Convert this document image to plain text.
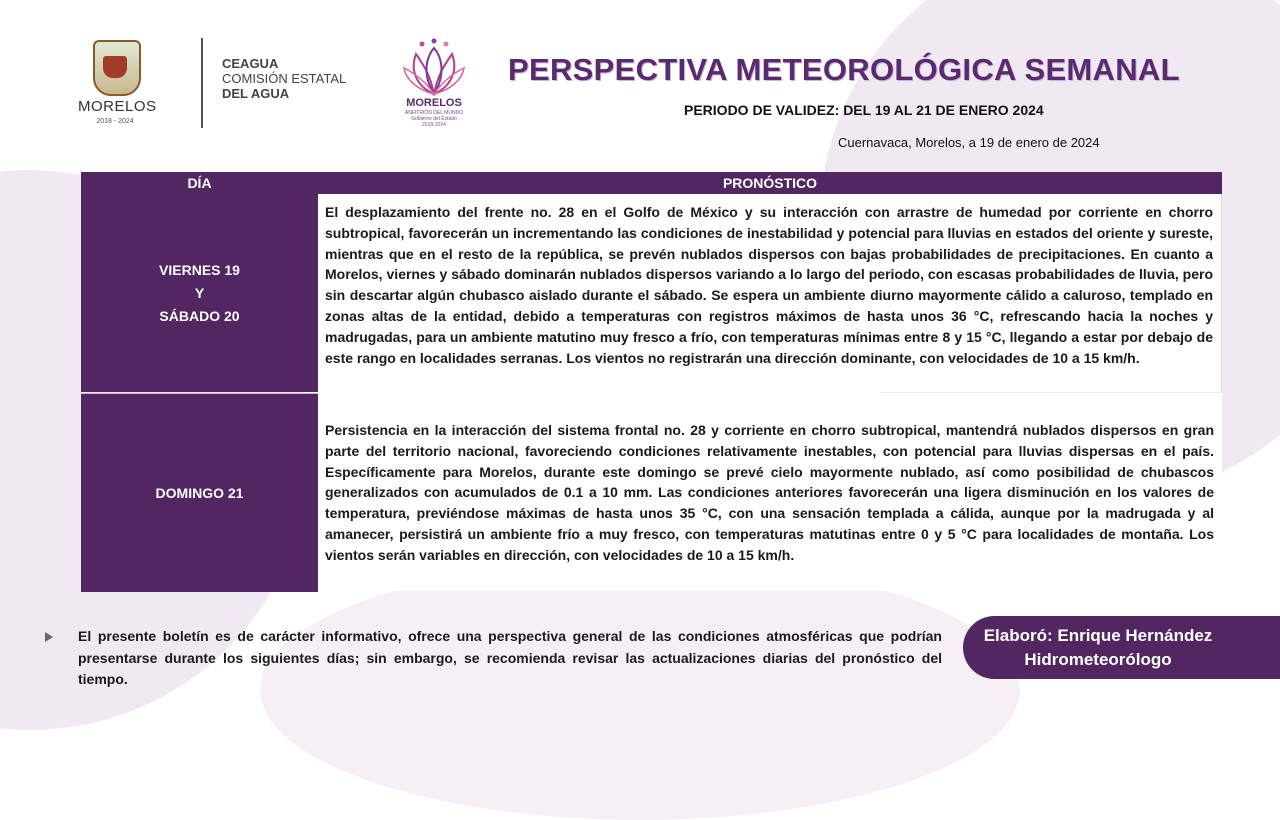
MORELOS
2018 - 2024
CEAGUA
COMISIÓN ESTATAL
DEL AGUA
MORELOS
ANFITRIÓN DEL MUNDO
Gobierno del Estado
2018-2024
PERSPECTIVA METEOROLÓGICA SEMANAL
PERIODO DE VALIDEZ: DEL 19 AL 21 DE ENERO 2024
Cuernavaca, Morelos, a 19 de enero de 2024
DÍA	PRONÓSTICO
VIERNES 19
Y
SÁBADO 20
El desplazamiento del frente no. 28 en el Golfo de México y su interacción con arrastre de humedad por corriente en chorro subtropical, favorecerán un incrementando las condiciones de inestabilidad y potencial para lluvias en estados del oriente y sureste, mientras que en el resto de la república, se prevén nublados dispersos con bajas probabilidades de precipitaciones. En cuanto a Morelos, viernes y sábado dominarán nublados dispersos variando a lo largo del periodo, con escasas probabilidades de lluvia, pero sin descartar algún chubasco aislado durante el sábado. Se espera un ambiente diurno mayormente cálido a caluroso, templado en zonas altas de la entidad, debido a temperaturas con registros máximos de hasta unos 36 °C, refrescando hacia la noches y madrugadas, para un ambiente matutino muy fresco a frío, con temperaturas mínimas entre 8 y 15 °C, llegando a estar por debajo de este rango en localidades serranas. Los vientos no registrarán una dirección dominante, con velocidades de 10 a 15 km/h.
DOMINGO 21
Persistencia en la interacción del sistema frontal no. 28 y corriente en chorro subtropical, mantendrá nublados dispersos en gran parte del territorio nacional, favoreciendo condiciones relativamente inestables, con potencial para lluvias dispersas en el país. Específicamente para Morelos, durante este domingo se prevé cielo mayormente nublado, así como posibilidad de chubascos generalizados con acumulados de 0.1 a 10 mm. Las condiciones anteriores favorecerán una ligera disminución en los valores de temperatura, previéndose máximas de hasta unos 35 °C, con una sensación templada a cálida, aunque por la madrugada y al amanecer, persistirá un ambiente frío a muy fresco, con temperaturas matutinas entre 0 y 5 °C para localidades de montaña. Los vientos serán variables en dirección, con velocidades de 10 a 15 km/h.
El presente boletín es de carácter informativo, ofrece una perspectiva general de las condiciones atmosféricas que podrían presentarse durante los siguientes días; sin embargo, se recomienda revisar las actualizaciones diarias del pronóstico del tiempo.
Elaboró: Enrique Hernández
Hidrometeorólogo
